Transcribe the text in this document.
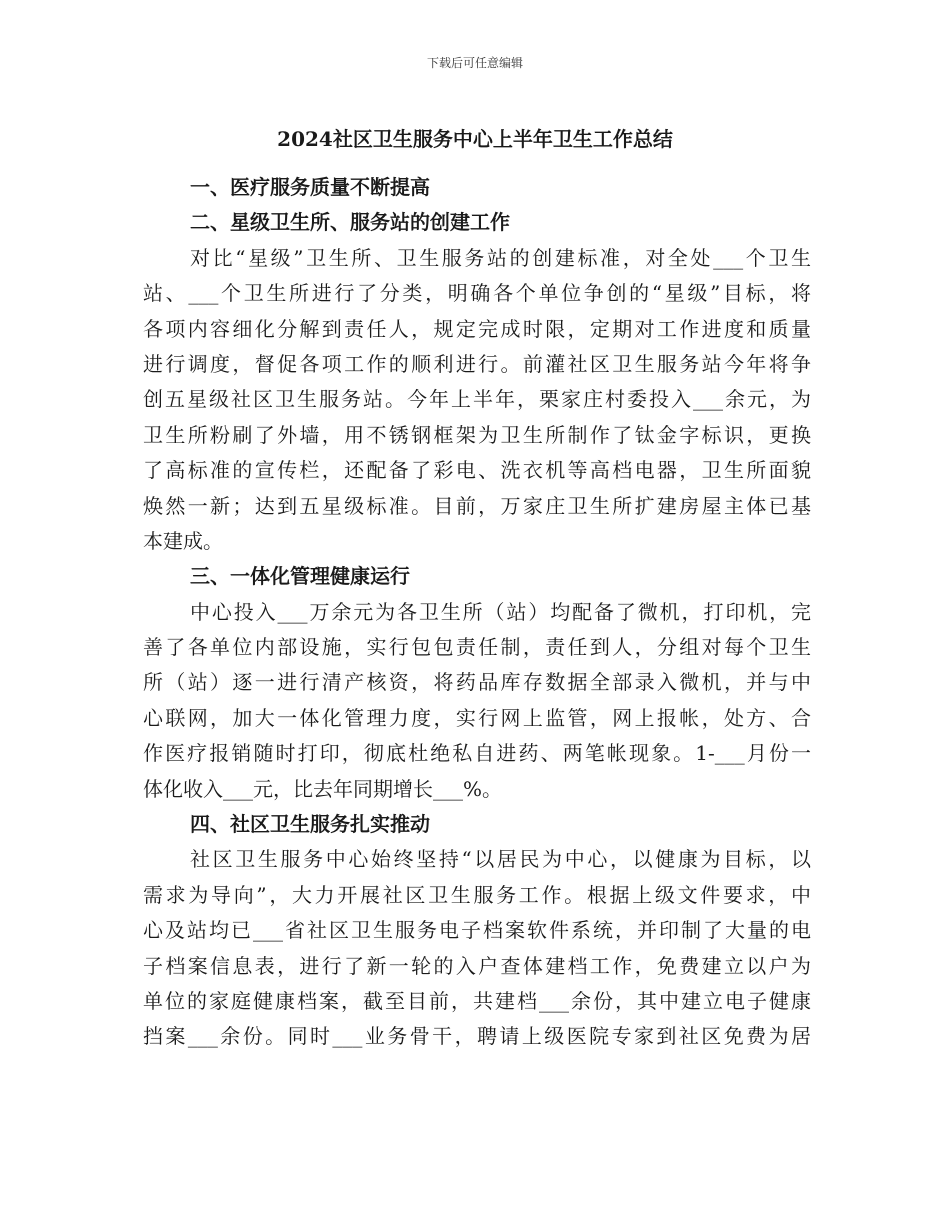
下载后可任意编辑
2024社区卫生服务中心上半年卫生工作总结
一、医疗服务质量不断提高
二、星级卫生所、服务站的创建工作
对比“星级”卫生所、卫生服务站的创建标准，对全处___个卫生
站、___个卫生所进行了分类，明确各个单位争创的“星级”目标，将
各项内容细化分解到责任人，规定完成时限，定期对工作进度和质量
进行调度，督促各项工作的顺利进行。前灌社区卫生服务站今年将争
创五星级社区卫生服务站。今年上半年，栗家庄村委投入___余元，为
卫生所粉刷了外墙，用不锈钢框架为卫生所制作了钛金字标识，更换
了高标准的宣传栏，还配备了彩电、洗衣机等高档电器，卫生所面貌
焕然一新；达到五星级标准。目前，万家庄卫生所扩建房屋主体已基
本建成。
三、一体化管理健康运行
中心投入___万余元为各卫生所（站）均配备了微机，打印机，完
善了各单位内部设施，实行包包责任制，责任到人，分组对每个卫生
所（站）逐一进行清产核资，将药品库存数据全部录入微机，并与中
心联网，加大一体化管理力度，实行网上监管，网上报帐，处方、合
作医疗报销随时打印，彻底杜绝私自进药、两笔帐现象。1-___月份一
体化收入___元，比去年同期增长___%。
四、社区卫生服务扎实推动
社区卫生服务中心始终坚持“以居民为中心，以健康为目标，以
需求为导向”，大力开展社区卫生服务工作。根据上级文件要求，中
心及站均已___省社区卫生服务电子档案软件系统，并印制了大量的电
子档案信息表，进行了新一轮的入户查体建档工作，免费建立以户为
单位的家庭健康档案，截至目前，共建档___余份，其中建立电子健康
挡案___余份。同时___业务骨干，聘请上级医院专家到社区免费为居
